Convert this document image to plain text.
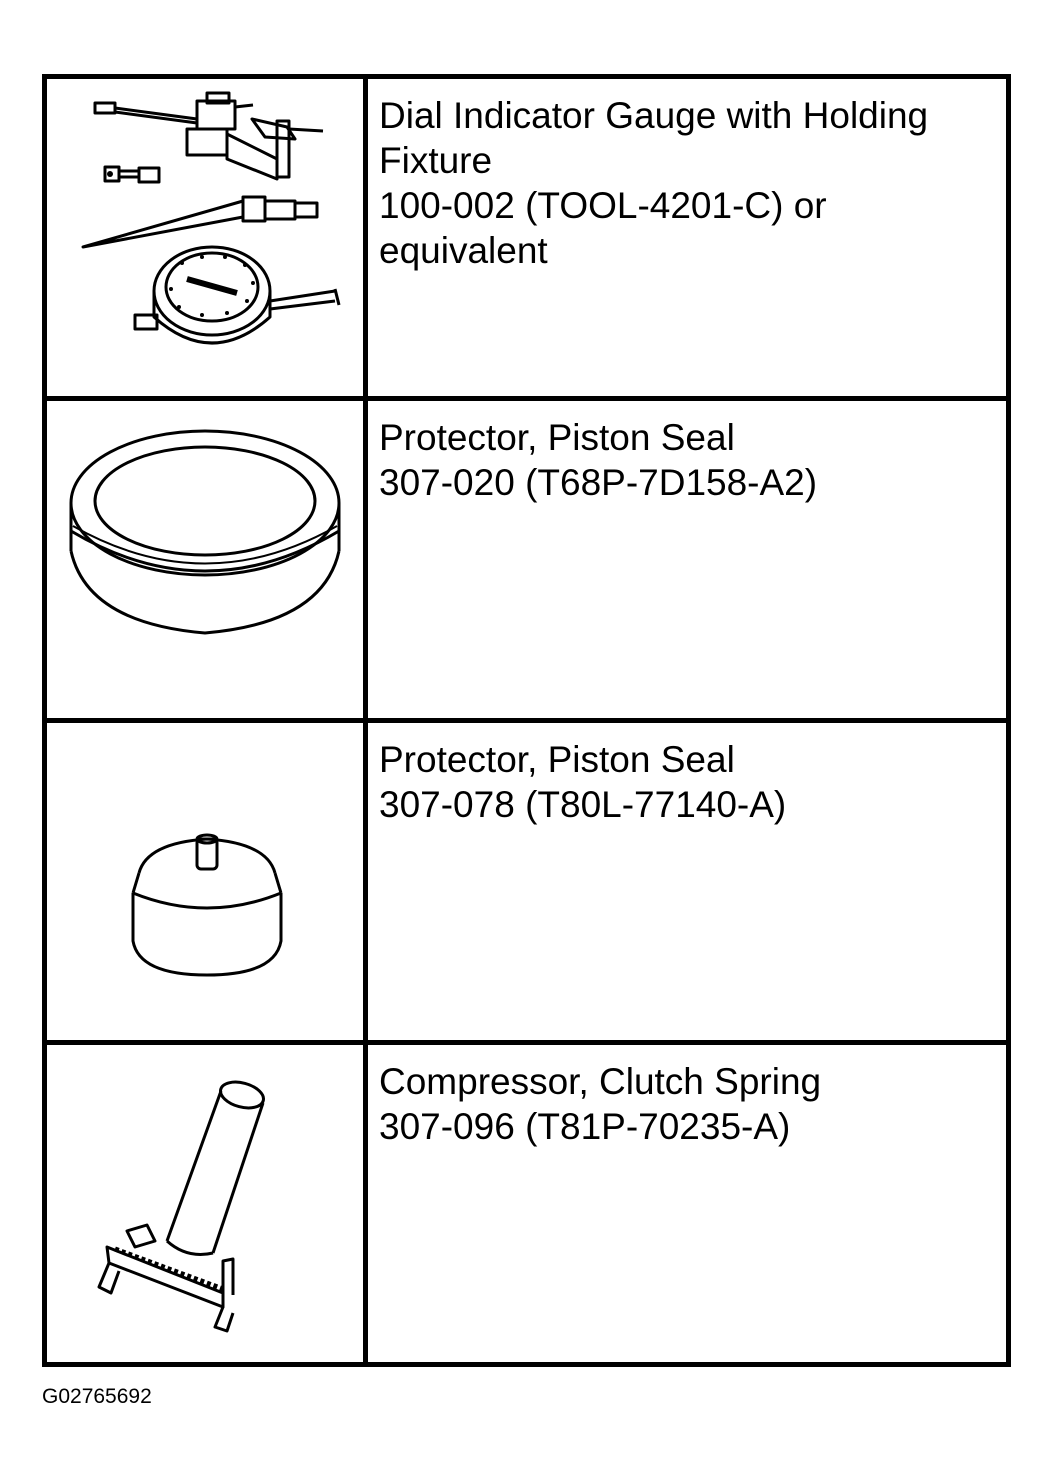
Dial Indicator Gauge with Holding
Fixture
100-002 (TOOL-4201-C) or
equivalent

Protector, Piston Seal
307-020 (T68P-7D158-A2)

Protector, Piston Seal
307-078 (T80L-77140-A)

Compressor, Clutch Spring
307-096 (T81P-70235-A)
G02765692
